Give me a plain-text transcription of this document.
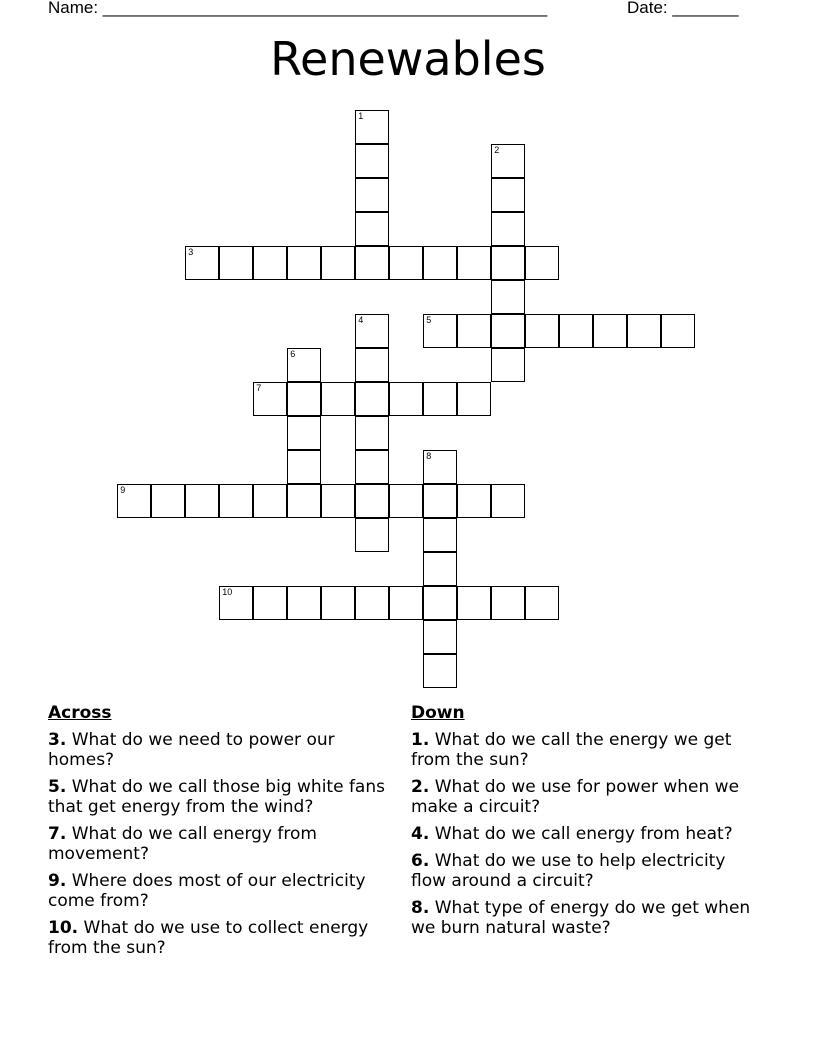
Name: _______________________________________________	Date: _______
Renewables
1
2
3
4	5
6
7
8
9
10
Across
3. What do we need to power our homes?
5. What do we call those big white fans that get energy from the wind?
7. What do we call energy from movement?
9. Where does most of our electricity come from?
10. What do we use to collect energy from the sun?
Down
1. What do we call the energy we get from the sun?
2. What do we use for power when we make a circuit?
4. What do we call energy from heat?
6. What do we use to help electricity flow around a circuit?
8. What type of energy do we get when we burn natural waste?
